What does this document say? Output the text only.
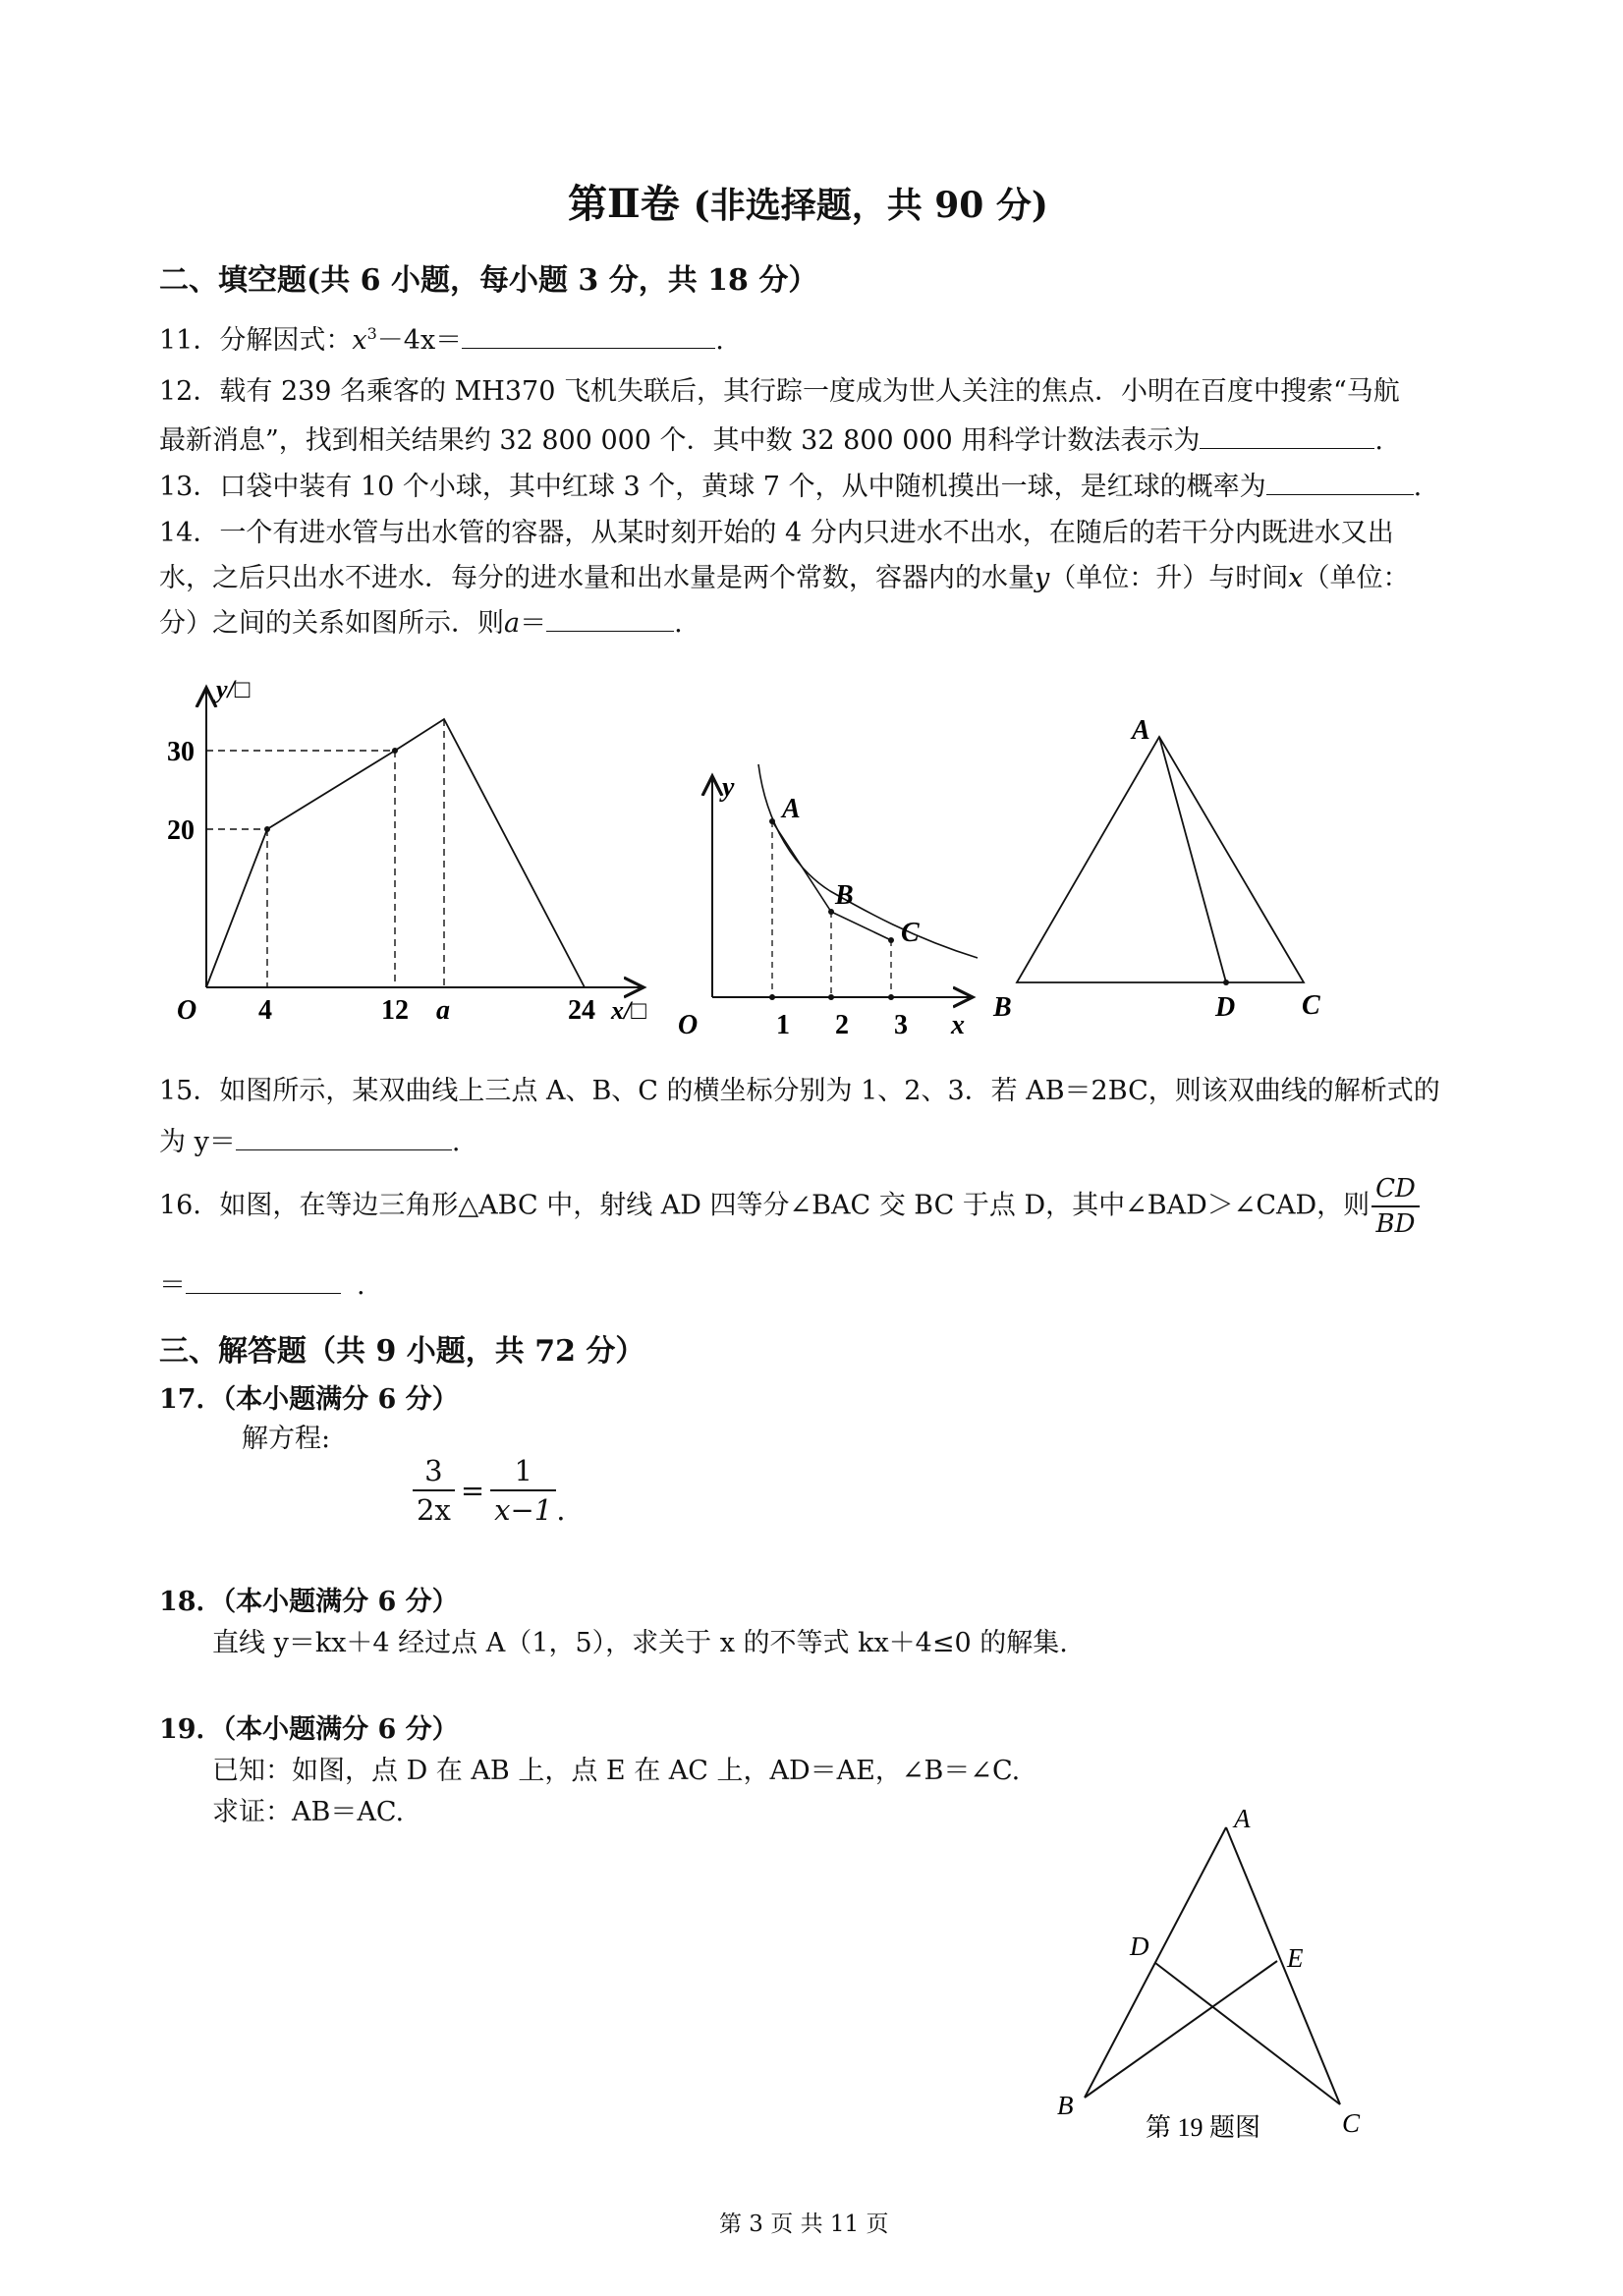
第Ⅱ卷 (非选择题，共 90 分)
二、填空题(共 6 小题，每小题 3 分，共 18 分）
11．分解因式：$x^3-4x=$	.
12．载有 239 名乘客的 MH370 飞机失联后，其行踪一度成为世人关注的焦点．小明在百度中搜索“马航
最新消息”，找到相关结果约 32 800 000 个．其中数 32 800 000 用科学计数法表示为	.
13．口袋中装有 10 个小球，其中红球 3 个，黄球 7 个，从中随机摸出一球，是红球的概率为	.
14．一个有进水管与出水管的容器，从某时刻开始的 4 分内只进水不出水，在随后的若干分内既进水又出
水，之后只出水不进水．每分的进水量和出水量是两个常数，容器内的水量y（单位：升）与时间x（单位：
分）之间的关系如图所示．则a＝	.
y/□
x/□
O
30
20
4	12 a	24
A
B
C
y
x
O	1 2 3
A
B	D C
15．如图所示，某双曲线上三点 A、B、C 的横坐标分别为 1、2、3．若 AB＝2BC，则该双曲线的解析式的
为 y＝	.
16．如图，在等边三角形△ABC 中，射线 AD 四等分∠BAC 交 BC 于点 D，其中∠BAD＞∠CAD，则 $\frac{CD}{BD}$
＝	.
三、解答题（共 9 小题，共 72 分）
17．（本小题满分 6 分）
解方程:
$\frac{3}{2x} = \frac{1}{x-1}$ .
18．（本小题满分 6 分）
直线 y＝kx＋4 经过点 A（1，5），求关于 x 的不等式 kx＋4≤0 的解集.
19．（本小题满分 6 分）
已知：如图，点 D 在 AB 上，点 E 在 AC 上，AD＝AE，∠B＝∠C.
求证：AB＝AC.	A
D	E
B
C
第 19 题图
第 3 页 共 11 页
